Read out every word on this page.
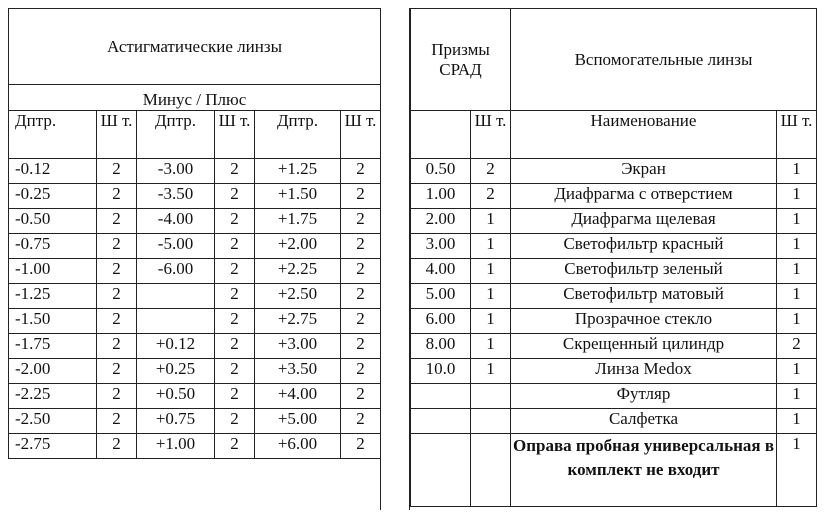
Астигматические линзы					
Минус / Плюс					
Дптр.	Ш т.	Дптр.	Ш т.	Дптр.	Ш т.
-0.12	2	-3.00	2	+1.25	2
-0.25	2	-3.50	2	+1.50	2
-0.50	2	-4.00	2	+1.75	2
-0.75	2	-5.00	2	+2.00	2
-1.00	2	-6.00	2	+2.25	2
-1.25	2		2	+2.50	2
-1.50	2		2	+2.75	2
-1.75	2	+0.12	2	+3.00	2
-2.00	2	+0.25	2	+3.50	2
-2.25	2	+0.50	2	+4.00	2
-2.50	2	+0.75	2	+5.00	2
-2.75	2	+1.00	2	+6.00	2
Призмы СРАД		Вспомогательные линзы	
	Ш т.	Наименование	Ш т.
0.50	2	Экран	1
1.00	2	Диафрагма с отверстием	1
2.00	1	Диафрагма щелевая	1
3.00	1	Светофильтр красный	1
4.00	1	Светофильтр зеленый	1
5.00	1	Светофильтр матовый	1
6.00	1	Прозрачное стекло	1
8.00	1	Скрещенный цилиндр	2
10.0	1	Линза Medox	1
		Футляр	1
		Салфетка	1
		Оправа пробная универсальная в комплект не входит	1
